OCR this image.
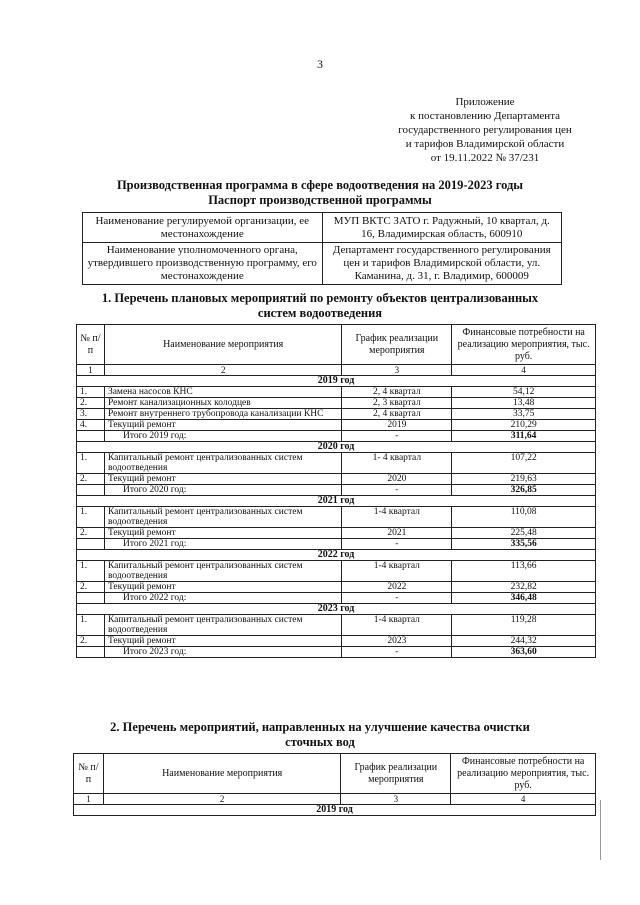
3
Приложение
к постановлению Департамента
государственного регулирования цен
и тарифов Владимирской области
от 19.11.2022 № 37/231
Производственная программа в сфере водоотведения на 2019-2023 годы
Паспорт производственной программы
Наименование регулируемой организации, ее местонахождение	МУП ВКТС ЗАТО г. Радужный, 10 квартал, д. 16, Владимирская область, 600910
Наименование уполномоченного органа, утвердившего производственную программу, его местонахождение	Департамент государственного регулирования цен и тарифов Владимирской области, ул. Каманина, д. 31, г. Владимир, 600009
1. Перечень плановых мероприятий по ремонту объектов централизованных систем водоотведения
№ п/п	Наименование мероприятия	График реализации мероприятия	Финансовые потребности на реализацию мероприятия, тыс. руб.
1	2	3	4
2019 год			
1.	Замена насосов КНС	2, 4 квартал	54,12
2.	Ремонт канализационных колодцев	2, 3 квартал	13,48
3.	Ремонт внутреннего трубопровода канализации КНС	2, 4 квартал	33,75
4.	Текущий ремонт	2019	210,29
	Итого 2019 год:	-	311,64
2020 год			
1.	Капитальный ремонт централизованных систем водоотведения	1- 4 квартал	107,22
2.	Текущий ремонт	2020	219,63
	Итого 2020 год:	-	326,85
2021 год			
1.	Капитальный ремонт централизованных систем водоотведения	1-4 квартал	110,08
2.	Текущий ремонт	2021	225,48
	Итого 2021 год:	-	335,56
2022 год			
1.	Капитальный ремонт централизованных систем водоотведения	1-4 квартал	113,66
2.	Текущий ремонт	2022	232,82
	Итого 2022 год:	-	346,48
2023 год			
1.	Капитальный ремонт централизованных систем водоотведения	1-4 квартал	119,28
2.	Текущий ремонт	2023	244,32
	Итого 2023 год:	-	363,60
2. Перечень мероприятий, направленных на улучшение качества очистки сточных вод
№ п/п	Наименование мероприятия	График реализации мероприятия	Финансовые потребности на реализацию мероприятия, тыс. руб.
1	2	3	4
2019 год			
